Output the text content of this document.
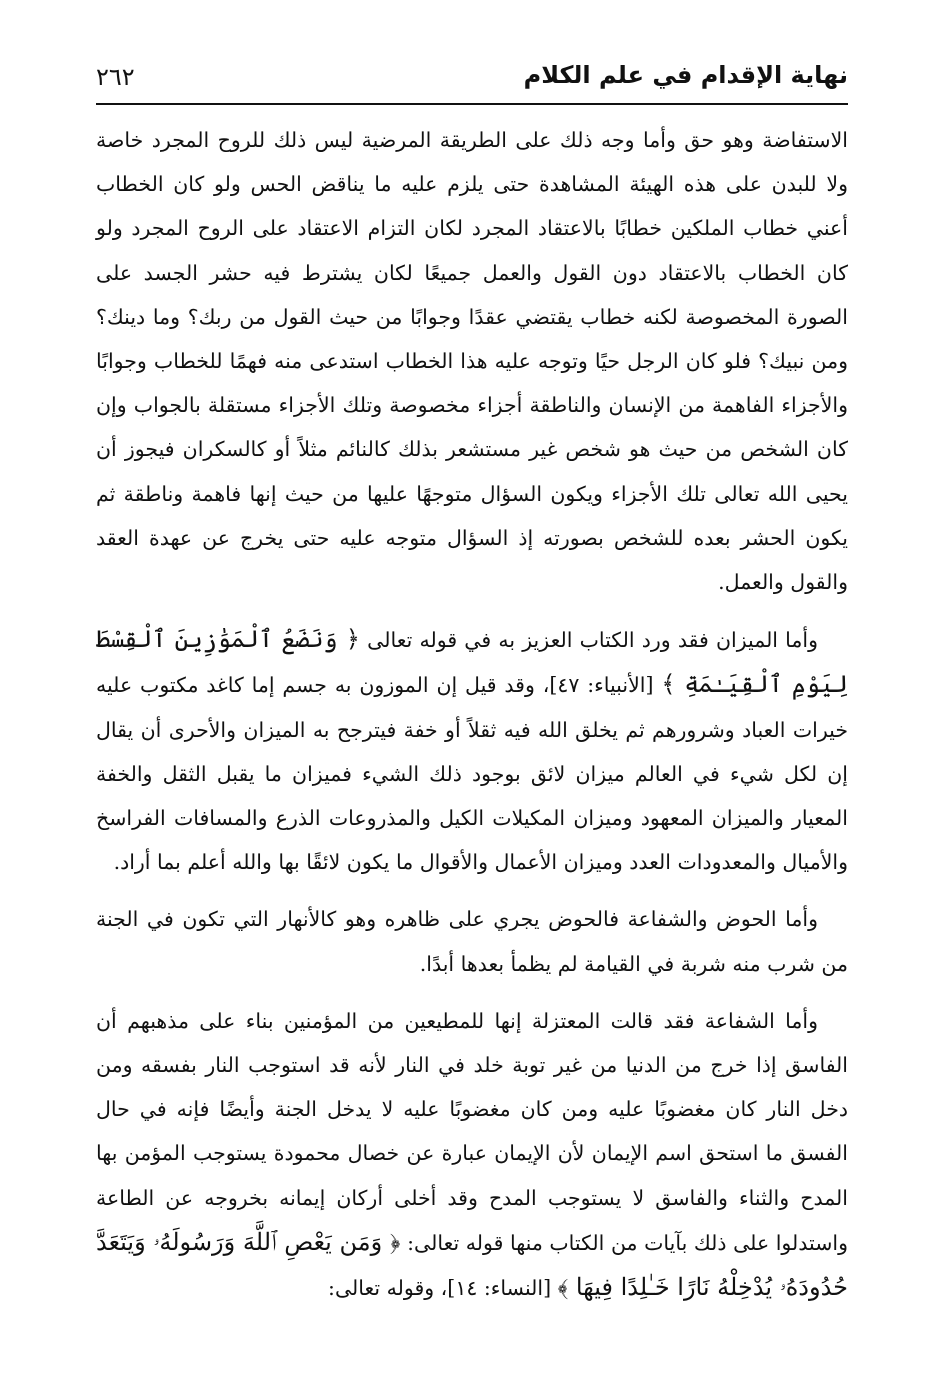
نهاية الإقدام في علم الكلام
٢٦٢

الاستفاضة وهو حق وأما وجه ذلك على الطريقة المرضية ليس ذلك للروح المجرد خاصة ولا للبدن على هذه الهيئة المشاهدة حتى يلزم عليه ما يناقض الحس ولو كان الخطاب أعني خطاب الملكين خطابًا بالاعتقاد المجرد لكان التزام الاعتقاد على الروح المجرد ولو كان الخطاب بالاعتقاد دون القول والعمل جميعًا لكان يشترط فيه حشر الجسد على الصورة المخصوصة لكنه خطاب يقتضي عقدًا وجوابًا من حيث القول من ربك؟ وما دينك؟ ومن نبيك؟ فلو كان الرجل حيًا وتوجه عليه هذا الخطاب استدعى منه فهمًا للخطاب وجوابًا والأجزاء الفاهمة من الإنسان والناطقة أجزاء مخصوصة وتلك الأجزاء مستقلة بالجواب وإن كان الشخص من حيث هو شخص غير مستشعر بذلك كالنائم مثلاً أو كالسكران فيجوز أن يحيى الله تعالى تلك الأجزاء ويكون السؤال متوجهًا عليها من حيث إنها فاهمة وناطقة ثم يكون الحشر بعده للشخص بصورته إذ السؤال متوجه عليه حتى يخرج عن عهدة العقد والقول والعمل.

وأما الميزان فقد ورد الكتاب العزيز به في قوله تعالى ﴿ وَنَضَعُ ٱلْمَوَٰزِينَ ٱلْقِسْطَ لِيَوْمِ ٱلْقِيَـٰمَةِ ﴾ [الأنبياء: ٤٧]، وقد قيل إن الموزون به جسم إما كاغد مكتوب عليه خيرات العباد وشرورهم ثم يخلق الله فيه ثقلاً أو خفة فيترجح به الميزان والأحرى أن يقال إن لكل شيء في العالم ميزان لائق بوجود ذلك الشيء فميزان ما يقبل الثقل والخفة المعيار والميزان المعهود وميزان المكيلات الكيل والمذروعات الذرع والمسافات الفراسخ والأميال والمعدودات العدد وميزان الأعمال والأقوال ما يكون لائقًا بها والله أعلم بما أراد.

وأما الحوض والشفاعة فالحوض يجري على ظاهره وهو كالأنهار التي تكون في الجنة من شرب منه شربة في القيامة لم يظمأ بعدها أبدًا.

وأما الشفاعة فقد قالت المعتزلة إنها للمطيعين من المؤمنين بناء على مذهبهم أن الفاسق إذا خرج من الدنيا من غير توبة خلد في النار لأنه قد استوجب النار بفسقه ومن دخل النار كان مغضوبًا عليه ومن كان مغضوبًا عليه لا يدخل الجنة وأيضًا فإنه في حال الفسق ما استحق اسم الإيمان لأن الإيمان عبارة عن خصال محمودة يستوجب المؤمن بها المدح والثناء والفاسق لا يستوجب المدح وقد أخلى أركان إيمانه بخروجه عن الطاعة واستدلوا على ذلك بآيات من الكتاب منها قوله تعالى: ﴿ وَمَن يَعْصِ ٱللَّهَ وَرَسُولَهُۥ وَيَتَعَدَّ حُدُودَهُۥ يُدْخِلْهُ نَارًا خَـٰلِدًا فِيهَا ﴾ [النساء: ١٤]، وقوله تعالى:
